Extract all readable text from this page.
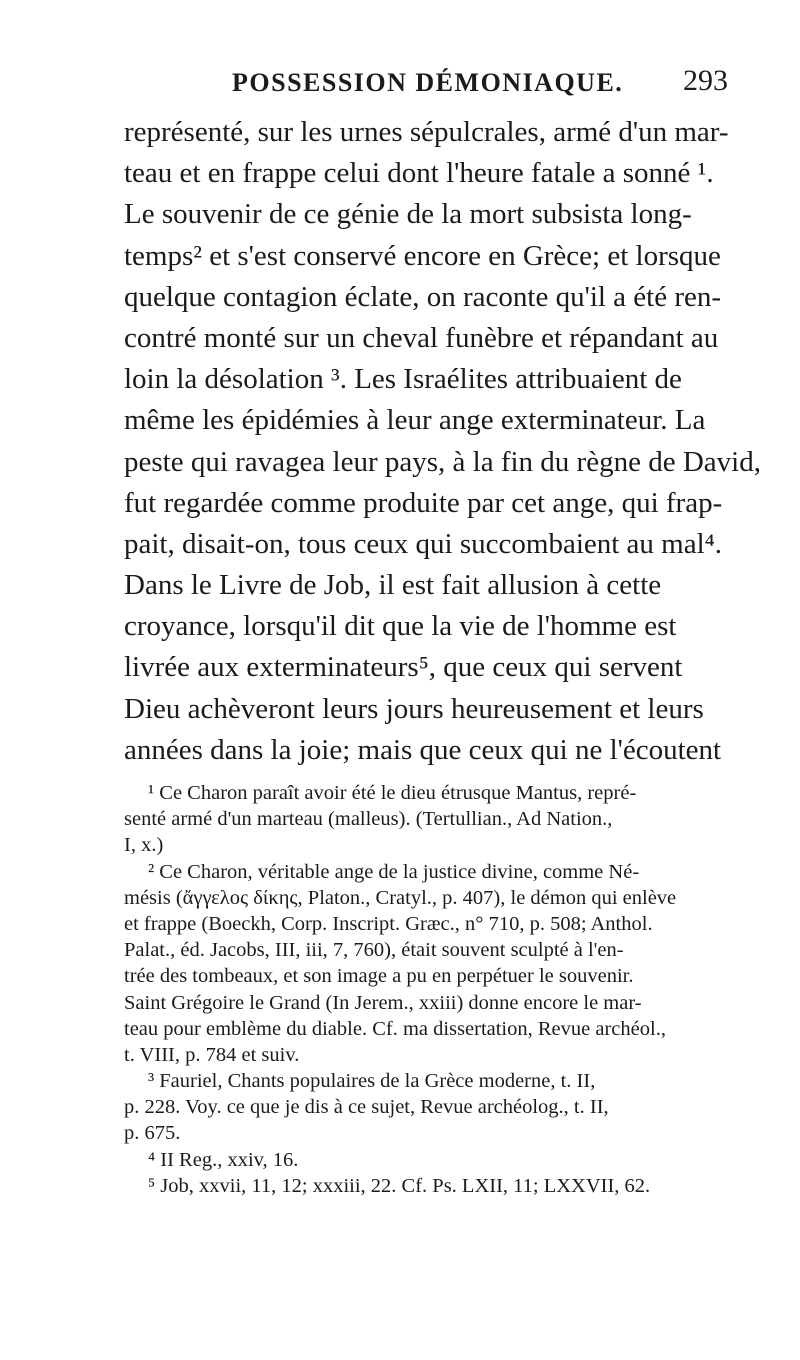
POSSESSION DÉMONIAQUE. 293
représenté, sur les urnes sépulcrales, armé d'un mar-
teau et en frappe celui dont l'heure fatale a sonné ¹.
Le souvenir de ce génie de la mort subsista long-
temps² et s'est conservé encore en Grèce; et lorsque
quelque contagion éclate, on raconte qu'il a été ren-
contré monté sur un cheval funèbre et répandant au
loin la désolation ³. Les Israélites attribuaient de
même les épidémies à leur ange exterminateur. La
peste qui ravagea leur pays, à la fin du règne de David,
fut regardée comme produite par cet ange, qui frap-
pait, disait-on, tous ceux qui succombaient au mal⁴.
Dans le Livre de Job, il est fait allusion à cette
croyance, lorsqu'il dit que la vie de l'homme est
livrée aux exterminateurs⁵, que ceux qui servent
Dieu achèveront leurs jours heureusement et leurs
années dans la joie; mais que ceux qui ne l'écoutent
¹ Ce Charon paraît avoir été le dieu étrusque Mantus, repré-
senté armé d'un marteau (malleus). (Tertullian., Ad Nation.,
I, x.)
² Ce Charon, véritable ange de la justice divine, comme Né-
mésis (ἄγγελος δίκης, Platon., Cratyl., p. 407), le démon qui enlève
et frappe (Boeckh, Corp. Inscript. Græc., n° 710, p. 508; Anthol.
Palat., éd. Jacobs, III, iii, 7, 760), était souvent sculpté à l'en-
trée des tombeaux, et son image a pu en perpétuer le souvenir.
Saint Grégoire le Grand (In Jerem., xxiii) donne encore le mar-
teau pour emblème du diable. Cf. ma dissertation, Revue archéol.,
t. VIII, p. 784 et suiv.
³ Fauriel, Chants populaires de la Grèce moderne, t. II,
p. 228. Voy. ce que je dis à ce sujet, Revue archéolog., t. II,
p. 675.
⁴ II Reg., xxiv, 16.
⁵ Job, xxvii, 11, 12; xxxiii, 22. Cf. Ps. LXII, 11; LXXVII, 62.
